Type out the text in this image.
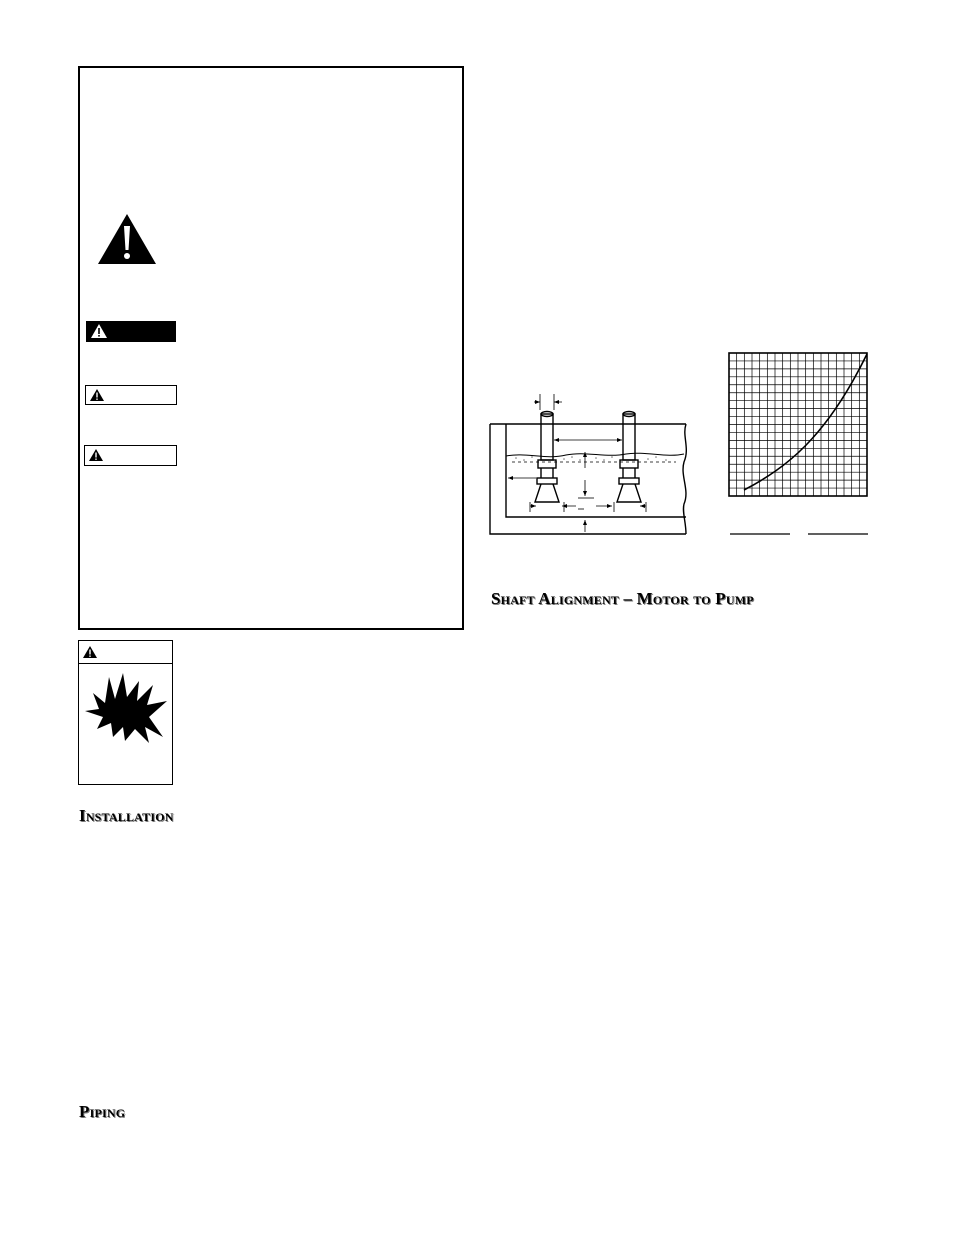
Installation
Piping
Shaft Alignment – Motor to Pump
